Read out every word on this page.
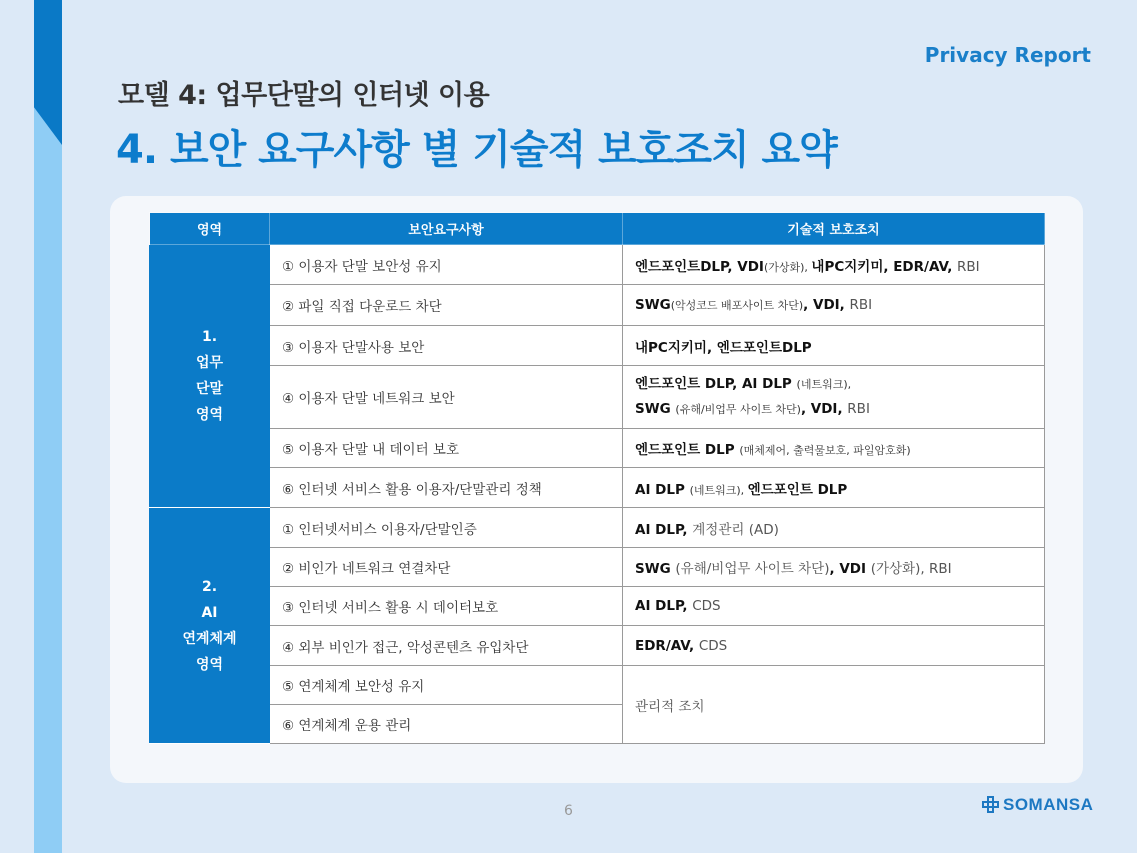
Privacy Report
모델 4: 업무단말의 인터넷 이용
4. 보안 요구사항 별 기술적 보호조치 요약
영역	보안요구사항	기술적 보호조치

1.
업무
단말
영역	① 이용자 단말 보안성 유지	엔드포인트DLP, VDI(가상화), 내PC지키미, EDR/AV, RBI
	② 파일 직접 다운로드 차단	SWG(악성코드 배포사이트 차단), VDI, RBI
	③ 이용자 단말사용 보안	내PC지키미, 엔드포인트DLP
	④ 이용자 단말 네트워크 보안	엔드포인트 DLP, AI DLP (네트워크),
SWG (유해/비업무 사이트 차단), VDI, RBI

	⑤ 이용자 단말 내 데이터 보호	엔드포인트 DLP (매체제어, 출력물보호, 파일암호화)
	⑥ 인터넷 서비스 활용 이용자/단말관리 정책	AI DLP (네트워크), 엔드포인트 DLP

2.
AI
연계체계
영역	① 인터넷서비스 이용자/단말인증	AI DLP, 계정관리 (AD)
	② 비인가 네트워크 연결차단	SWG (유해/비업무 사이트 차단), VDI (가상화), RBI
	③ 인터넷 서비스 활용 시 데이터보호	AI DLP, CDS
	④ 외부 비인가 접근, 악성콘텐츠 유입차단	EDR/AV, CDS
	⑤ 연계체계 보안성 유지	관리적 조치
	⑥ 연계체계 운용 관리	
6	SOMANSA
